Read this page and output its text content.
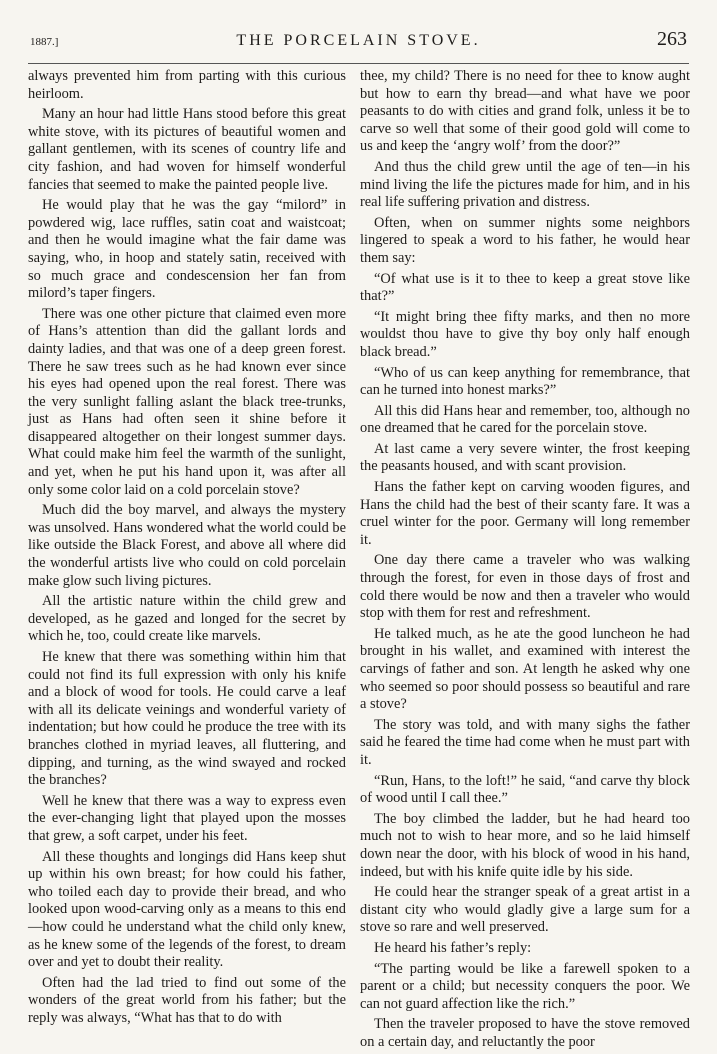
1887.]	THE PORCELAIN STOVE.	263

always prevented him from parting with this curious heirloom.

Many an hour had little Hans stood before this great white stove, with its pictures of beautiful women and gallant gentlemen, with its scenes of country life and city fashion, and had woven for himself wonderful fancies that seemed to make the painted people live.

He would play that he was the gay “milord” in powdered wig, lace ruffles, satin coat and waistcoat; and then he would imagine what the fair dame was saying, who, in hoop and stately satin, received with so much grace and condescension her fan from milord’s taper fingers.

There was one other picture that claimed even more of Hans’s attention than did the gallant lords and dainty ladies, and that was one of a deep green forest. There he saw trees such as he had known ever since his eyes had opened upon the real forest. There was the very sunlight falling aslant the black tree-trunks, just as Hans had often seen it shine before it disappeared altogether on their longest summer days. What could make him feel the warmth of the sunlight, and yet, when he put his hand upon it, was after all only some color laid on a cold porcelain stove?

Much did the boy marvel, and always the mystery was unsolved. Hans wondered what the world could be like outside the Black Forest, and above all where did the wonderful artists live who could on cold porcelain make glow such living pictures.

All the artistic nature within the child grew and developed, as he gazed and longed for the secret by which he, too, could create like marvels.

He knew that there was something within him that could not find its full expression with only his knife and a block of wood for tools. He could carve a leaf with all its delicate veinings and wonderful variety of indentation; but how could he produce the tree with its branches clothed in myriad leaves, all fluttering, and dipping, and turning, as the wind swayed and rocked the branches?

Well he knew that there was a way to express even the ever-changing light that played upon the mosses that grew, a soft carpet, under his feet.

All these thoughts and longings did Hans keep shut up within his own breast; for how could his father, who toiled each day to provide their bread, and who looked upon wood-carving only as a means to this end—how could he understand what the child only knew, as he knew some of the legends of the forest, to dream over and yet to doubt their reality.

Often had the lad tried to find out some of the wonders of the great world from his father; but the reply was always, “What has that to do with

thee, my child? There is no need for thee to know aught but how to earn thy bread—and what have we poor peasants to do with cities and grand folk, unless it be to carve so well that some of their good gold will come to us and keep the ‘angry wolf’ from the door?”

And thus the child grew until the age of ten—in his mind living the life the pictures made for him, and in his real life suffering privation and distress.

Often, when on summer nights some neighbors lingered to speak a word to his father, he would hear them say:

“Of what use is it to thee to keep a great stove like that?”

“It might bring thee fifty marks, and then no more wouldst thou have to give thy boy only half enough black bread.”

“Who of us can keep anything for remembrance, that can he turned into honest marks?”

All this did Hans hear and remember, too, although no one dreamed that he cared for the porcelain stove.

At last came a very severe winter, the frost keeping the peasants housed, and with scant provision.

Hans the father kept on carving wooden figures, and Hans the child had the best of their scanty fare. It was a cruel winter for the poor. Germany will long remember it.

One day there came a traveler who was walking through the forest, for even in those days of frost and cold there would be now and then a traveler who would stop with them for rest and refreshment.

He talked much, as he ate the good luncheon he had brought in his wallet, and examined with interest the carvings of father and son. At length he asked why one who seemed so poor should possess so beautiful and rare a stove?

The story was told, and with many sighs the father said he feared the time had come when he must part with it.

“Run, Hans, to the loft!” he said, “and carve thy block of wood until I call thee.”

The boy climbed the ladder, but he had heard too much not to wish to hear more, and so he laid himself down near the door, with his block of wood in his hand, indeed, but with his knife quite idle by his side.

He could hear the stranger speak of a great artist in a distant city who would gladly give a large sum for a stove so rare and well preserved.

He heard his father’s reply:

“The parting would be like a farewell spoken to a parent or a child; but necessity conquers the poor. We can not guard affection like the rich.”

Then the traveler proposed to have the stove removed on a certain day, and reluctantly the poor
